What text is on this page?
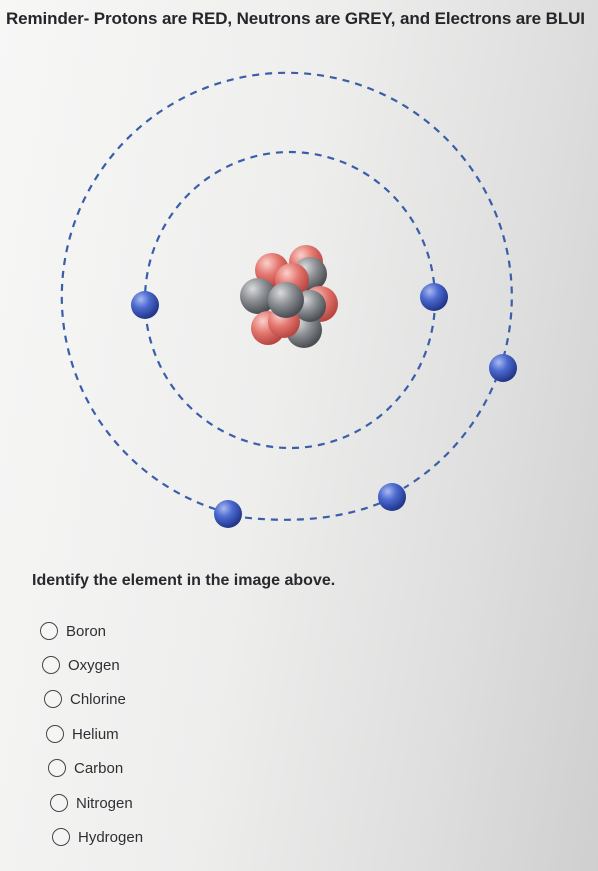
Reminder- Protons are RED, Neutrons are GREY, and Electrons are BLUI
Identify the element in the image above.
Boron
Oxygen
Chlorine
Helium
Carbon
Nitrogen
Hydrogen
